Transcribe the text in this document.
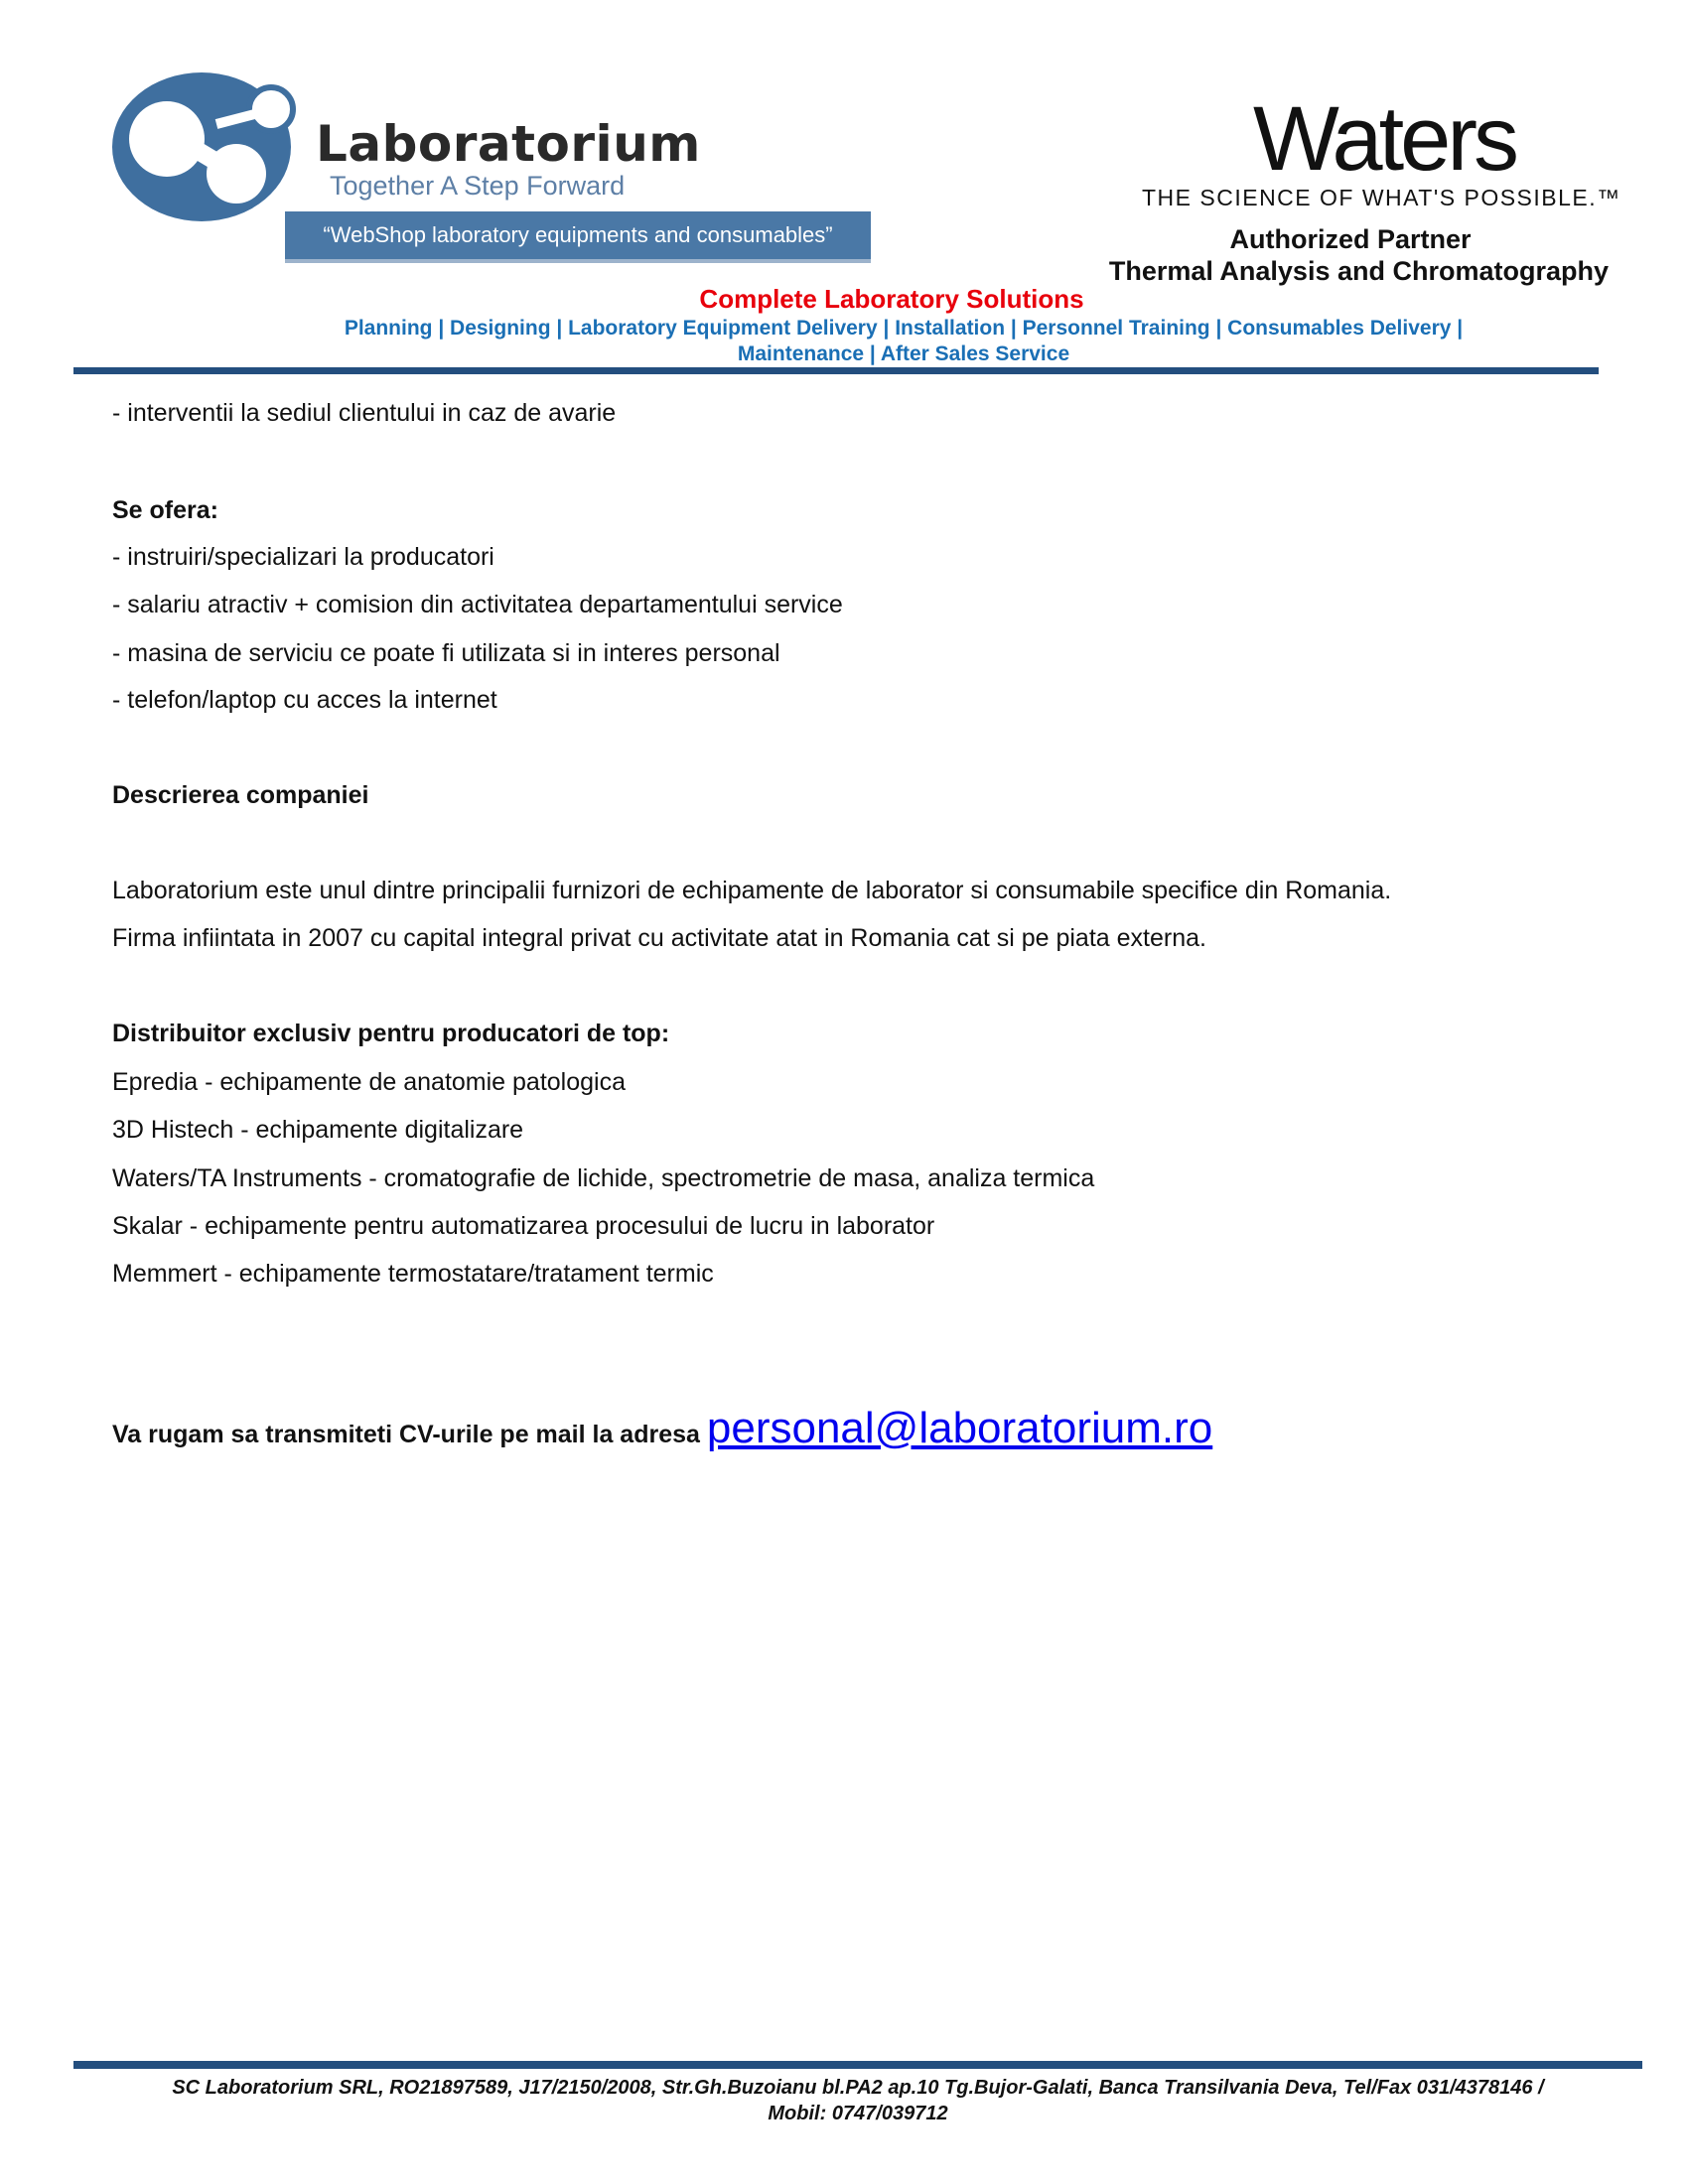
Laboratorium
Together A Step Forward
“WebShop laboratory equipments and consumables”
Waters
THE SCIENCE OF WHAT'S POSSIBLE.™
Authorized Partner
Thermal Analysis and Chromatography
Complete Laboratory Solutions
Planning | Designing | Laboratory Equipment Delivery | Installation | Personnel Training | Consumables Delivery |
Maintenance | After Sales Service
- interventii la sediul clientului in caz de avarie
Se ofera:
- instruiri/specializari la producatori
- salariu atractiv + comision din activitatea departamentului service
- masina de serviciu ce poate fi utilizata si in interes personal
- telefon/laptop cu acces la internet
Descrierea companiei
Laboratorium este unul dintre principalii furnizori de echipamente de laborator si consumabile specifice din Romania.
Firma infiintata in 2007 cu capital integral privat cu activitate atat in Romania cat si pe piata externa.
Distribuitor exclusiv pentru producatori de top:
Epredia - echipamente de anatomie patologica
3D Histech - echipamente digitalizare
Waters/TA Instruments - cromatografie de lichide, spectrometrie de masa, analiza termica
Skalar - echipamente pentru automatizarea procesului de lucru in laborator
Memmert - echipamente termostatare/tratament termic
Va rugam sa transmiteti CV-urile pe mail la adresa personal@laboratorium.ro
SC Laboratorium SRL, RO21897589, J17/2150/2008, Str.Gh.Buzoianu bl.PA2 ap.10 Tg.Bujor-Galati, Banca Transilvania Deva, Tel/Fax 031/4378146 /
Mobil: 0747/039712
